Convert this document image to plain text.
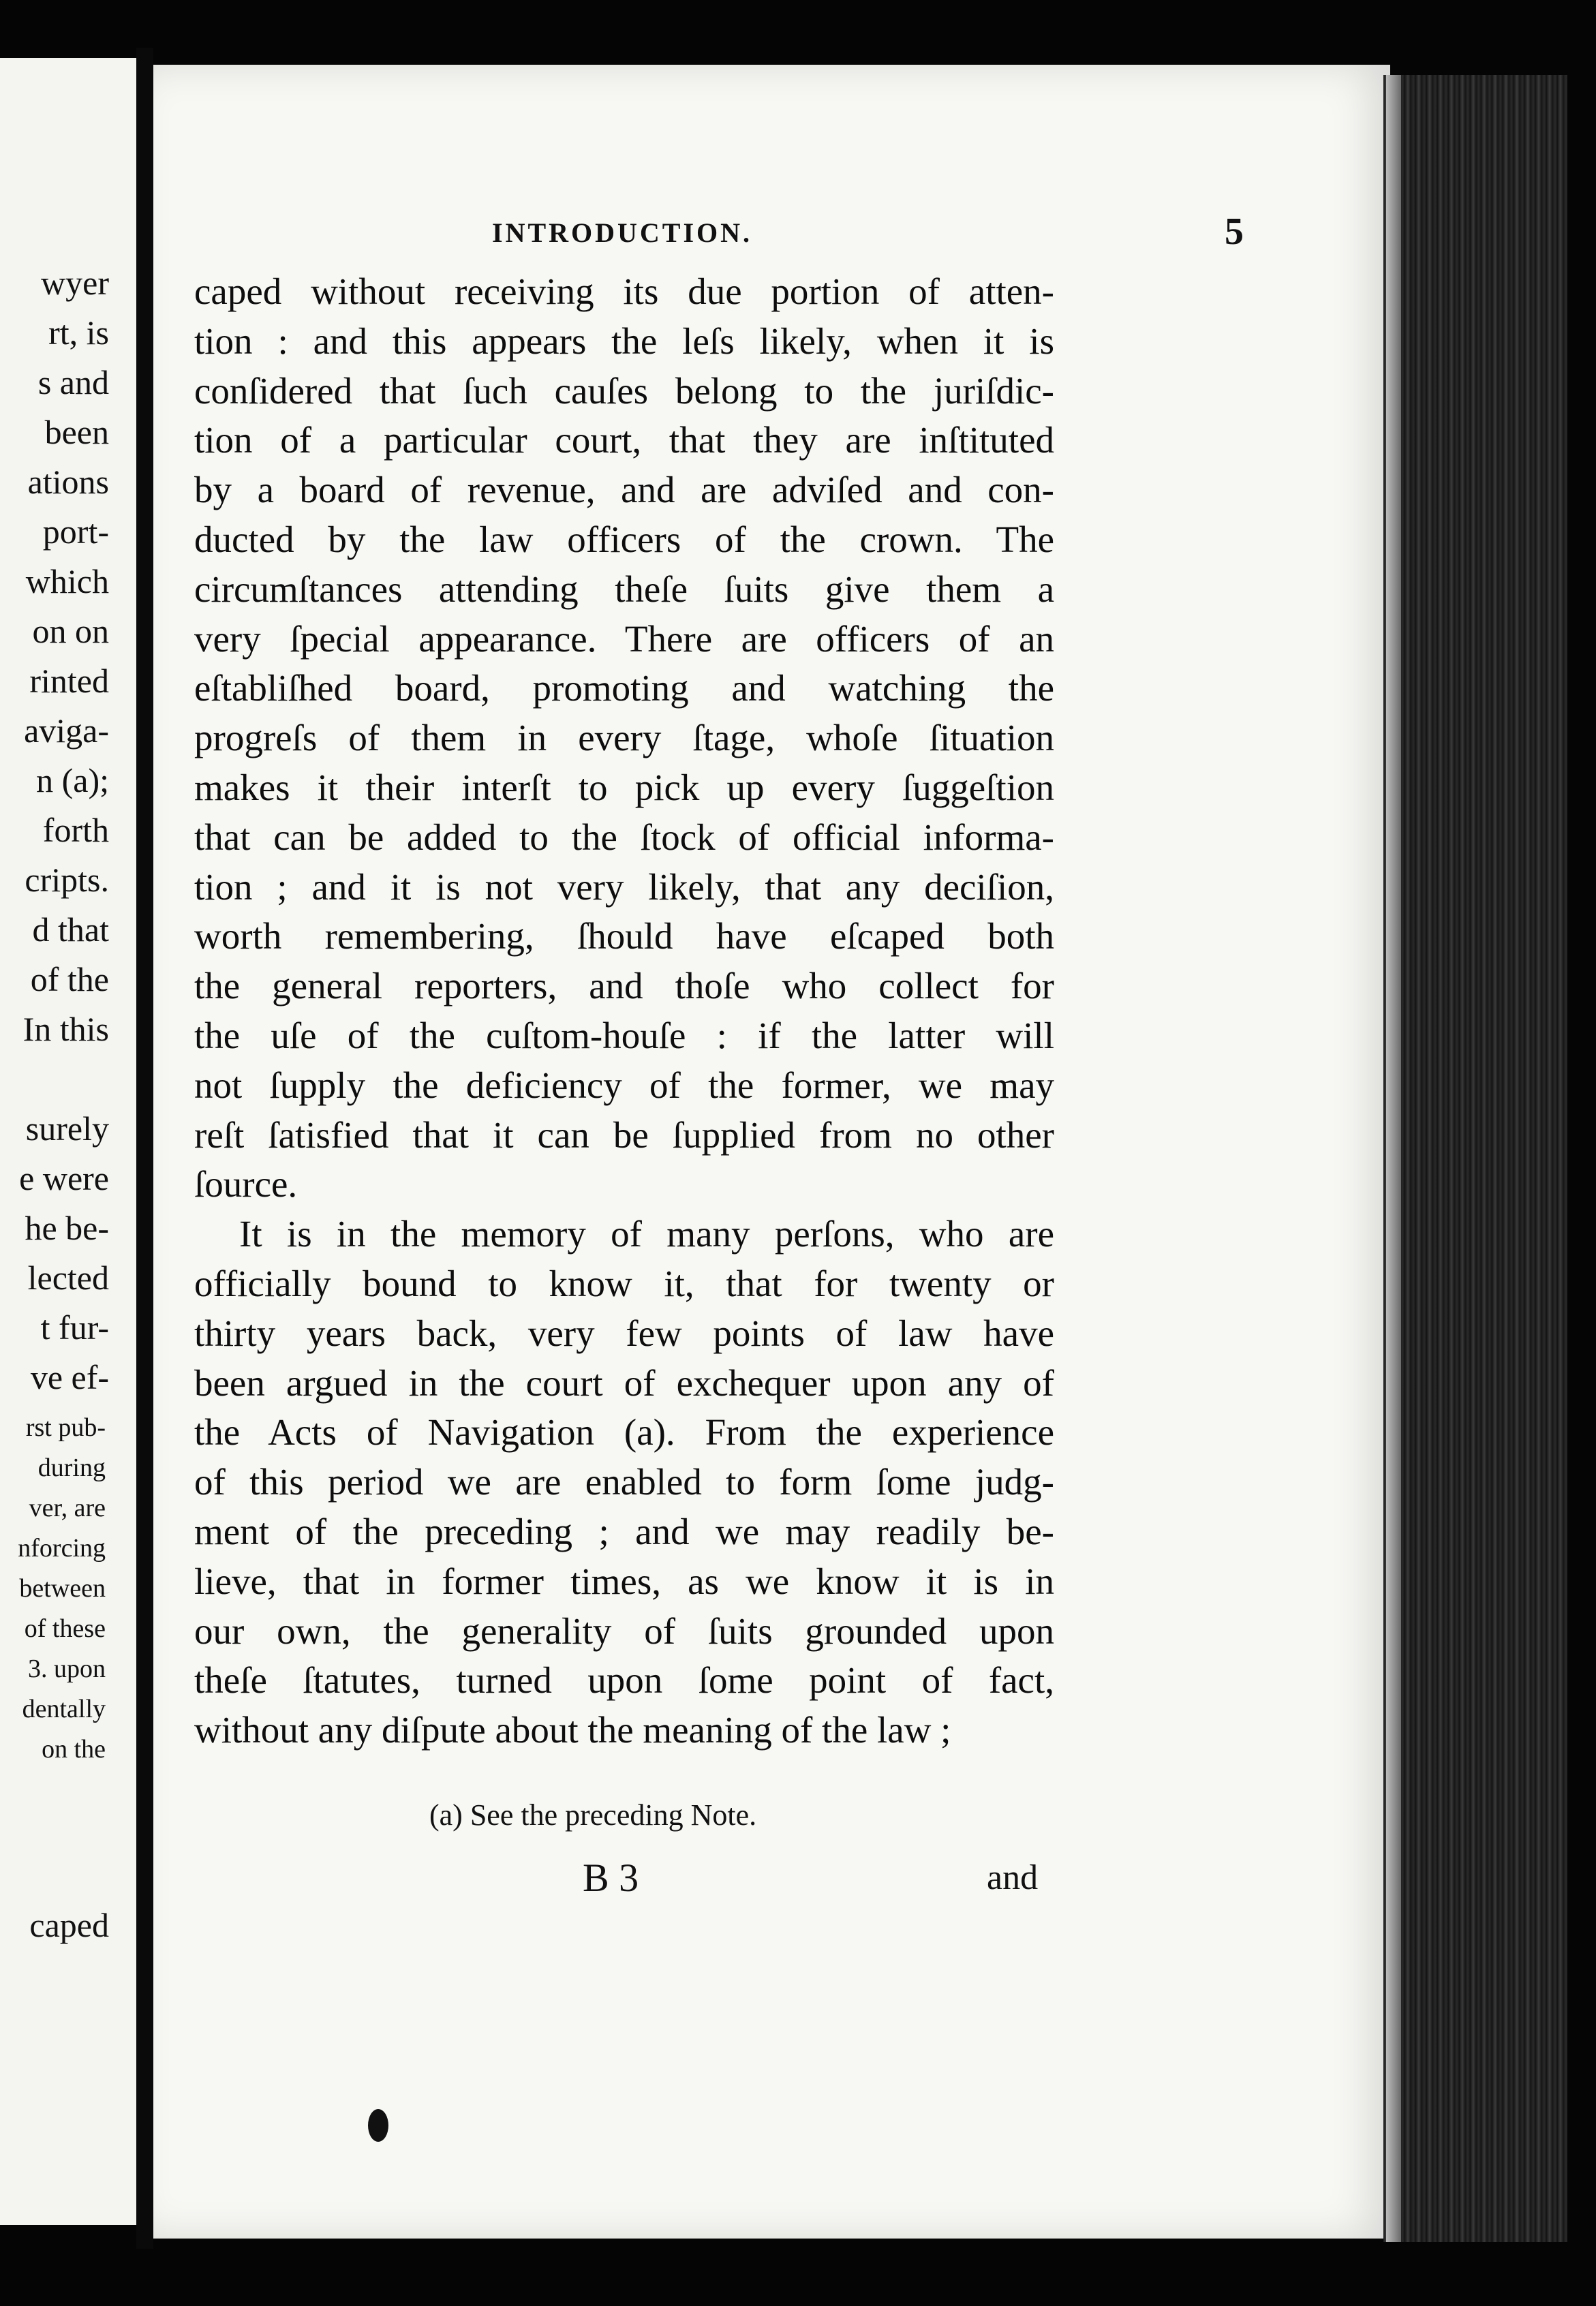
wyer
rt, is
s and
been
ations
port-
which
on on
rinted
aviga-
n (a);
forth
cripts.
d that
of the
In this
surely
e were
he be-
lected
t fur-
ve ef-
rst pub-
during
ver, are
nforcing
between
of these
3. upon
dentally
on the
caped
INTRODUCTION.	5
caped without receiving its due portion of atten-
tion : and this appears the leſs likely, when it is
conſidered that ſuch cauſes belong to the juriſdic-
tion of a particular court, that they are inſtituted
by a board of revenue, and are adviſed and con-
ducted by the law officers of the crown. The
circumſtances attending theſe ſuits give them a
very ſpecial appearance. There are officers of an
eſtabliſhed board, promoting and watching the
progreſs of them in every ſtage, whoſe ſituation
makes it their interſt to pick up every ſuggeſtion
that can be added to the ſtock of official informa-
tion ; and it is not very likely, that any deciſion,
worth remembering, ſhould have eſcaped both
the general reporters, and thoſe who collect for
the uſe of the cuſtom-houſe : if the latter will
not ſupply the deficiency of the former, we may
reſt ſatisfied that it can be ſupplied from no other
ſource.
It is in the memory of many perſons, who are
officially bound to know it, that for twenty or
thirty years back, very few points of law have
been argued in the court of exchequer upon any of
the Acts of Navigation (a). From the experience
of this period we are enabled to form ſome judg-
ment of the preceding ; and we may readily be-
lieve, that in former times, as we know it is in
our own, the generality of ſuits grounded upon
theſe ſtatutes, turned upon ſome point of fact,
without any diſpute about the meaning of the law ;
(a) See the preceding Note.
B 3	and
